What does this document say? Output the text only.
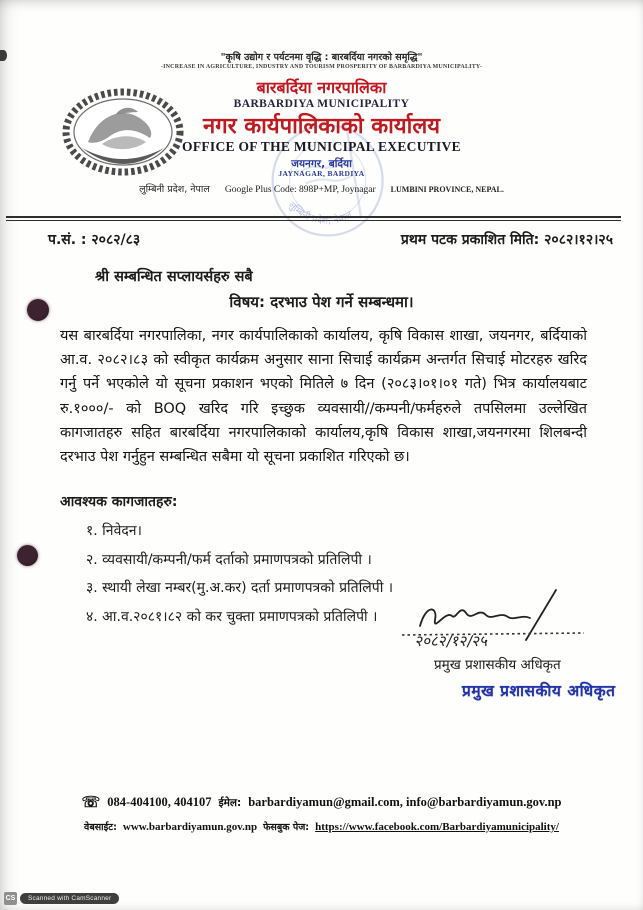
लुम्बिनी प्रदेश, नेपाल
"कृषि उद्योग र पर्यटनमा वृद्धि : बारबर्दिया नगरको समृद्धि"
-INCREASE IN AGRICULTURE, INDUSTRY AND TOURISM PROSPERITY OF BARBARDIYA MUNICIPALITY-
बारबर्दिया नगरपालिका
BARBARDIYA MUNICIPALITY
नगर कार्यपालिकाको कार्यालय
OFFICE OF THE MUNICIPAL EXECUTIVE
जयनगर, बर्दिया
JAYNAGAR, BARDIYA
लुम्बिनी प्रदेश, नेपाल Google Plus Code: 898P+MP, Joynagar LUMBINI PROVINCE, NEPAL.
प.सं. : २०८२/८३	प्रथम पटक प्रकाशित मिति: २०८२।१२।२५
श्री सम्बन्धित सप्लायर्सहरु सबै
विषय: दरभाउ पेश गर्ने सम्बन्धमा।

यस बारबर्दिया नगरपालिका, नगर कार्यपालिकाको कार्यालय, कृषि विकास शाखा, जयनगर, बर्दियाको आ.व. २०८२।८३ को स्वीकृत कार्यक्रम अनुसार साना सिचाई कार्यक्रम अन्तर्गत सिचाई मोटरहरु खरिद गर्नु पर्ने भएकोले यो सूचना प्रकाशन भएको मितिले ७ दिन (२०८३।०१।०१ गते) भित्र कार्यालयबाट रु.१०००/- को BOQ खरिद गरि इच्छुक व्यवसायी//कम्पनी/फर्महरुले तपसिलमा उल्लेखित कागजातहरु सहित बारबर्दिया नगरपालिकाको कार्यालय,कृषि विकास शाखा,जयनगरमा शिलबन्दी दरभाउ पेश गर्नुहुन सम्बन्धित सबैमा यो सूचना प्रकाशित गरिएको छ।

आवश्यक कागजातहरु:
१. निवेदन।
२. व्यवसायी/कम्पनी/फर्म दर्ताको प्रमाणपत्रको प्रतिलिपी ।
३. स्थायी लेखा नम्बर(मु.अ.कर) दर्ता प्रमाणपत्रको प्रतिलिपी ।
४. आ.व.२०८१।८२ को कर चुक्ता प्रमाणपत्रको प्रतिलिपी ।
२०८२/१२/२५
प्रमुख प्रशासकीय अधिकृत
प्रमुख प्रशासकीय अधिकृत
☏ 084-404100, 404107 ईमेल: barbardiyamun@gmail.com, info@barbardiyamun.gov.np
वेबसाईट: www.barbardiyamun.gov.np फेसबुक पेज: https://www.facebook.com/Barbardiyamunicipality/
CS	Scanned with CamScanner
